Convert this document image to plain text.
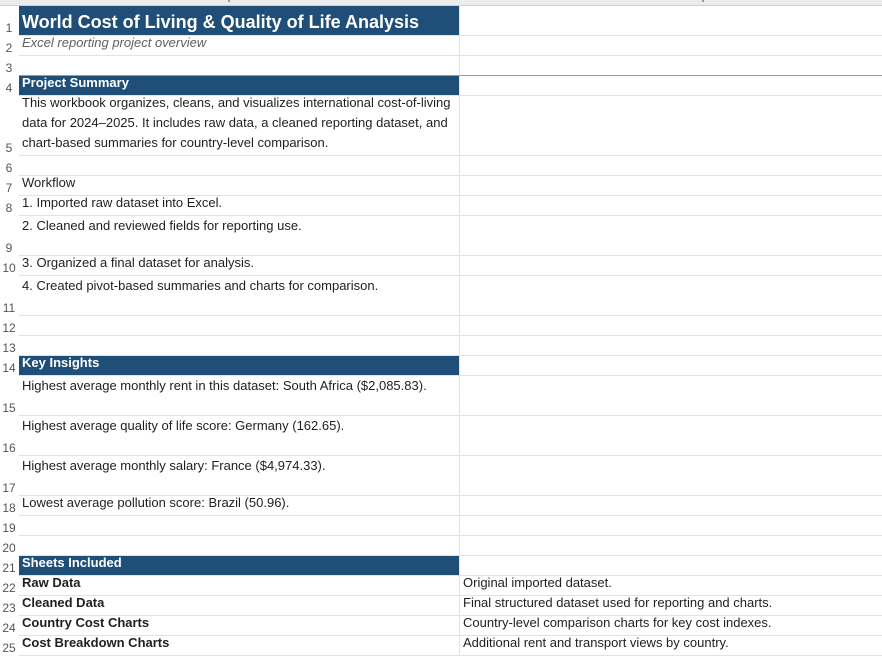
1 World Cost of Living & Quality of Life Analysis
2 Excel reporting project overview
3
4 Project Summary
5
This workbook organizes, cleans, and visualizes international cost-of-living data for 2024–2025. It includes raw data, a cleaned reporting dataset, and chart-based summaries for country-level comparison.
6
7 Workflow
8 1. Imported raw dataset into Excel.
9
2. Cleaned and reviewed fields for reporting use.
10 3. Organized a final dataset for analysis.
11
4. Created pivot-based summaries and charts for comparison.
12
13
14 Key Insights
15
Highest average monthly rent in this dataset: South Africa ($2,085.83).
16
Highest average quality of life score: Germany (162.65).
17
Highest average monthly salary: France ($4,974.33).
18 Lowest average pollution score: Brazil (50.96).
19
20
21 Sheets Included
22 Raw Data	Original imported dataset.
23 Cleaned Data	Final structured dataset used for reporting and charts.
24 Country Cost Charts	Country-level comparison charts for key cost indexes.
25 Cost Breakdown Charts	Additional rent and transport views by country.
